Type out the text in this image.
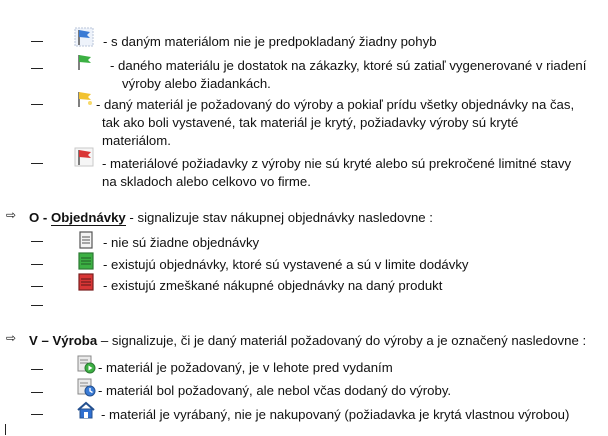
- s daným materiálom nie je predpokladaný žiadny pohyb
- daného materiálu je dostatok na zákazky, ktoré sú zatiaľ vygenerované v riadení
výroby alebo žiadankách.
- daný materiál je požadovaný do výroby a pokiaľ prídu všetky objednávky na čas,
tak ako boli vystavené, tak materiál je krytý, požiadavky výroby sú kryté
materiálom.
- materiálové požiadavky z výroby nie sú kryté alebo sú prekročené limitné stavy
na skladoch alebo celkovo vo firme.
⇨ O - Objednávky - signalizuje stav nákupnej objednávky nasledovne :
- nie sú žiadne objednávky
- existujú objednávky, ktoré sú vystavené a sú v limite dodávky
- existujú zmeškané nákupné objednávky na daný produkt
⇨ V – Výroba – signalizuje, či je daný materiál požadovaný do výroby a je označený nasledovne :
- materiál je požadovaný, je v lehote pred vydaním
- materiál bol požadovaný, ale nebol včas dodaný do výroby.
- materiál je vyrábaný, nie je nakupovaný (požiadavka je krytá vlastnou výrobou)
